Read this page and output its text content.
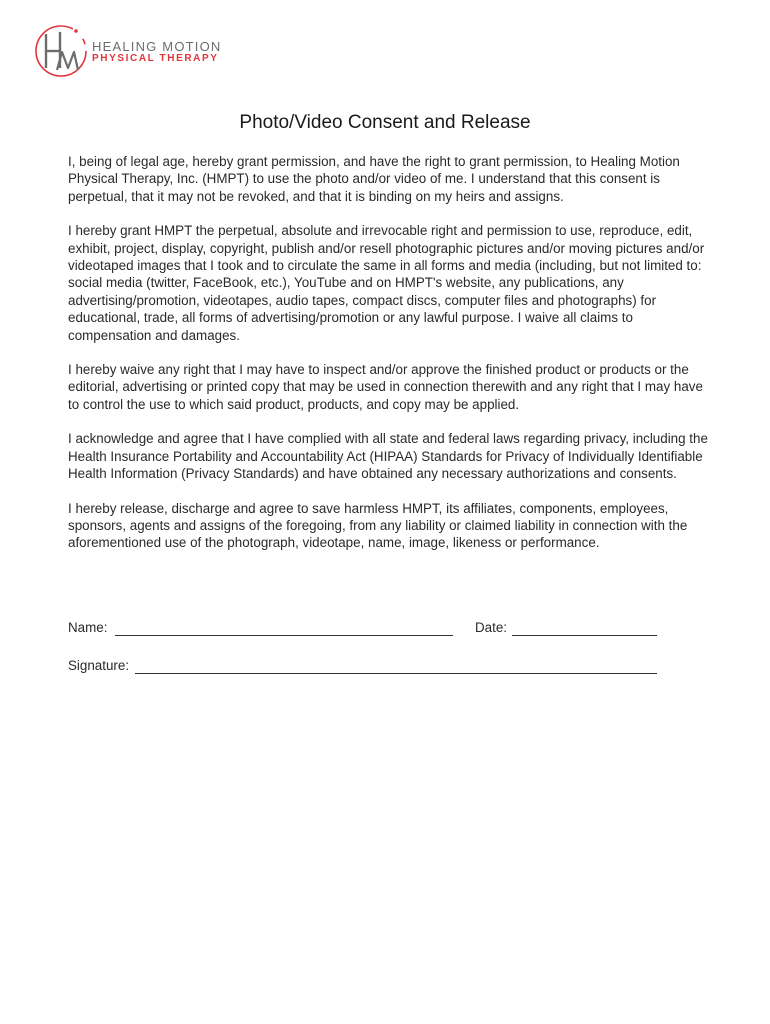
HEALING MOTION
PHYSICAL THERAPY
Photo/Video Consent and Release

I, being of legal age, hereby grant permission, and have the right to grant permission, to Healing Motion Physical Therapy, Inc. (HMPT) to use the photo and/or video of me. I understand that this consent is perpetual, that it may not be revoked, and that it is binding on my heirs and assigns.

I hereby grant HMPT the perpetual, absolute and irrevocable right and permission to use, reproduce, edit, exhibit, project, display, copyright, publish and/or resell photographic pictures and/or moving pictures and/or videotaped images that I took and to circulate the same in all forms and media (including, but not limited to: social media (twitter, FaceBook, etc.), YouTube and on HMPT's website, any publications, any advertising/promotion, videotapes, audio tapes, compact discs, computer files and photographs) for educational, trade, all forms of advertising/promotion or any lawful purpose. I waive all claims to compensation and damages.

I hereby waive any right that I may have to inspect and/or approve the finished product or products or the editorial, advertising or printed copy that may be used in connection therewith and any right that I may have to control the use to which said product, products, and copy may be applied.

I acknowledge and agree that I have complied with all state and federal laws regarding privacy, including the Health Insurance Portability and Accountability Act (HIPAA) Standards for Privacy of Individually Identifiable Health Information (Privacy Standards) and have obtained any necessary authorizations and consents.

I hereby release, discharge and agree to save harmless HMPT, its affiliates, components, employees, sponsors, agents and assigns of the foregoing, from any liability or claimed liability in connection with the aforementioned use of the photograph, videotape, name, image, likeness or performance.

Name:	Date:
Signature:
